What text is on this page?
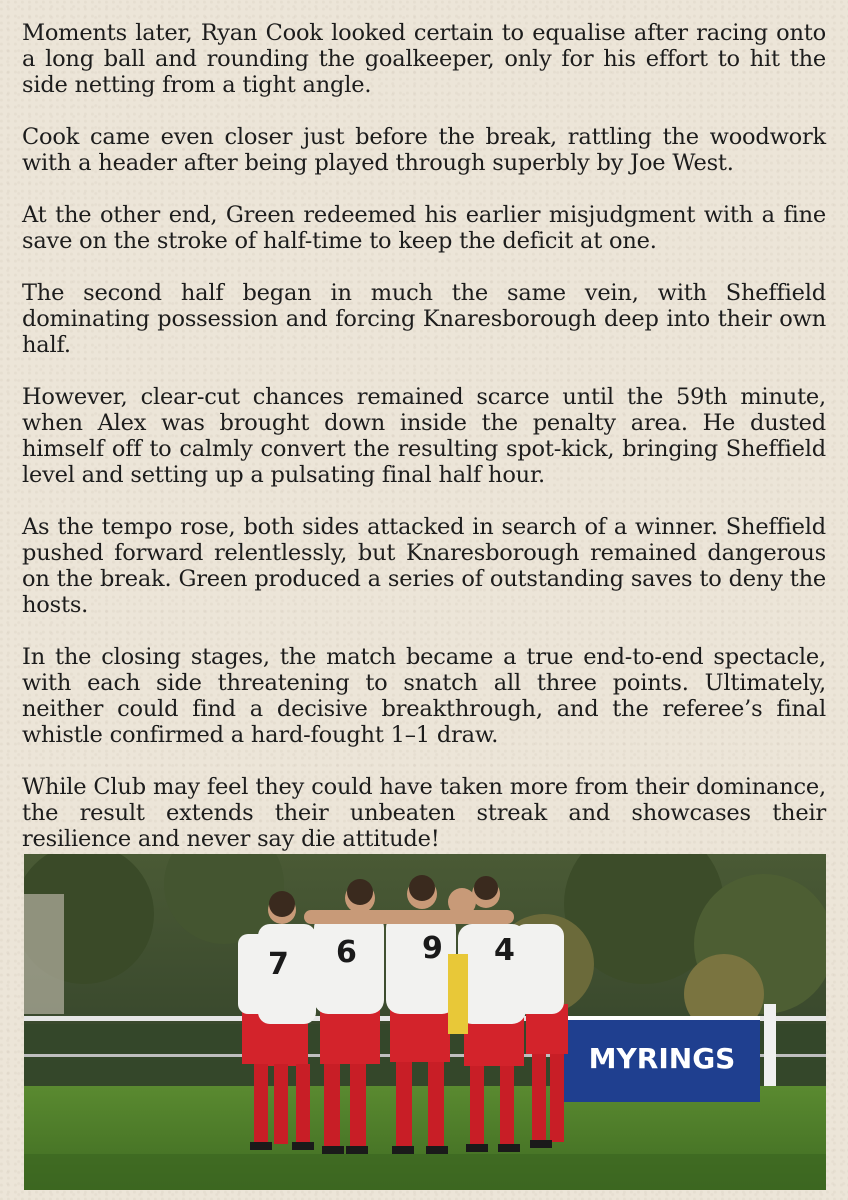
Moments later, Ryan Cook looked certain to equalise after racing onto a long ball and rounding the goalkeeper, only for his effort to hit the side netting from a tight angle.

Cook came even closer just before the break, rattling the woodwork with a header after being played through superbly by Joe West.

At the other end, Green redeemed his earlier misjudgment with a fine save on the stroke of half-time to keep the deficit at one.

The second half began in much the same vein, with Sheffield dominating possession and forcing Knaresborough deep into their own half.

However, clear-cut chances remained scarce until the 59th minute, when Alex was brought down inside the penalty area. He dusted himself off to calmly convert the resulting spot-kick, bringing Sheffield level and setting up a pulsating final half hour.

As the tempo rose, both sides attacked in search of a winner. Sheffield pushed forward relentlessly, but Knaresborough remained dangerous on the break. Green produced a series of outstanding saves to deny the hosts.

In the closing stages, the match became a true end-to-end spectacle, with each side threatening to snatch all three points. Ultimately, neither could find a decisive breakthrough, and the referee’s final whistle confirmed a hard-fought 1–1 draw.

While Club may feel they could have taken more from their dominance, the result extends their unbeaten streak and showcases their resilience and never say die attitude!

MYRINGS
7 6 9 4
